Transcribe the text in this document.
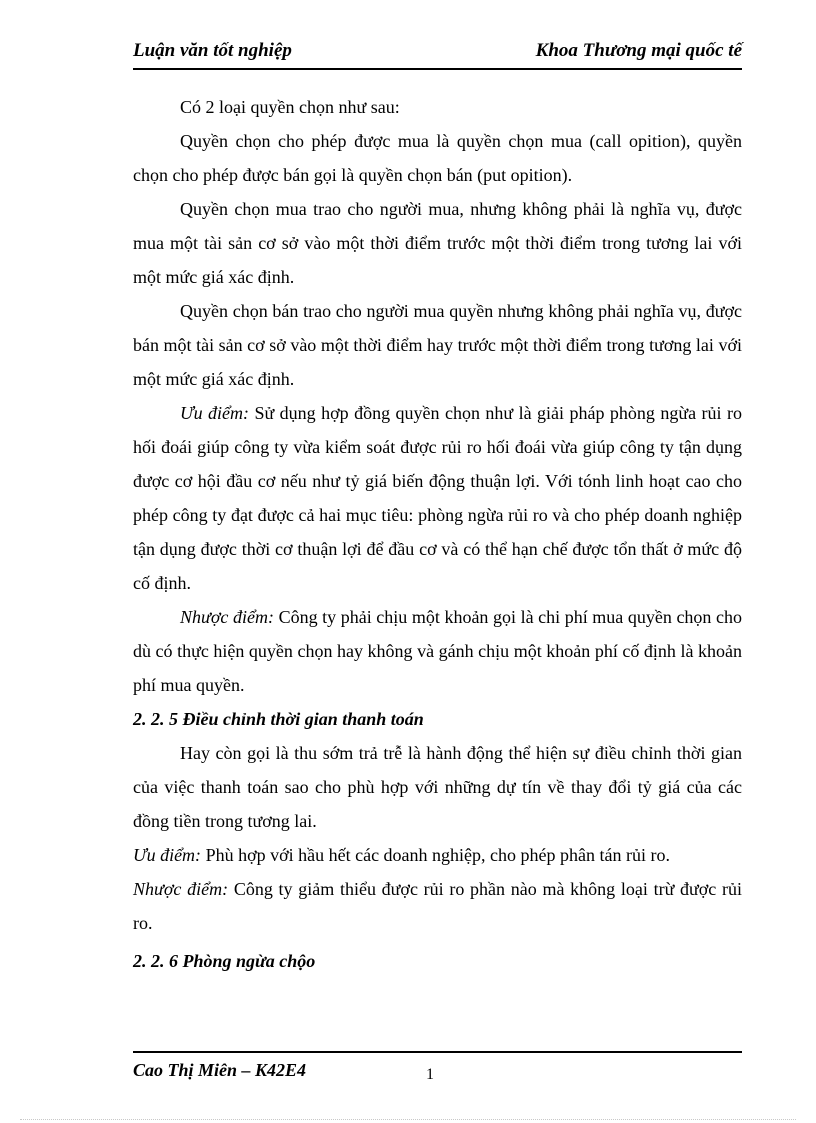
Luận văn tốt nghiệp	Khoa Thương mại quốc tế

Có 2 loại quyền chọn như sau:

Quyền chọn cho phép được mua là quyền chọn mua (call opition), quyền chọn cho phép được bán gọi là quyền chọn bán (put opition).

Quyền chọn mua trao cho người mua, nhưng không phải là nghĩa vụ, được mua một tài sản cơ sở vào một thời điểm trước một thời điểm trong tương lai với một mức giá xác định.

Quyền chọn bán trao cho người mua quyền nhưng không phải nghĩa vụ, được bán một tài sản cơ sở vào một thời điểm hay trước một thời điểm trong tương lai với một mức giá xác định.

Ưu điểm: Sử dụng hợp đồng quyền chọn như là giải pháp phòng ngừa rủi ro hối đoái giúp công ty vừa kiểm soát được rủi ro hối đoái vừa giúp công ty tận dụng được cơ hội đầu cơ nếu như tỷ giá biến động thuận lợi. Với tónh linh hoạt cao cho phép công ty đạt được cả hai mục tiêu: phòng ngừa rủi ro và cho phép doanh nghiệp tận dụng được thời cơ thuận lợi để đầu cơ và có thể hạn chế được tổn thất ở mức độ cố định.

Nhược điểm: Công ty phải chịu một khoản gọi là chi phí mua quyền chọn cho dù có thực hiện quyền chọn hay không và gánh chịu một khoản phí cố định là khoản phí mua quyền.

2. 2. 5 Điều chỉnh thời gian thanh toán

Hay còn gọi là thu sớm trả trễ là hành động thể hiện sự điều chỉnh thời gian của việc thanh toán sao cho phù hợp với những dự tín về thay đổi tỷ giá của các đồng tiền trong tương lai.

Ưu điểm: Phù hợp với hầu hết các doanh nghiệp, cho phép phân tán rủi ro.

Nhược điểm: Công ty giảm thiểu được rủi ro phần nào mà không loại trừ được rủi ro.

2. 2. 6 Phòng ngừa chộo

Cao Thị Miên – K42E4	1
